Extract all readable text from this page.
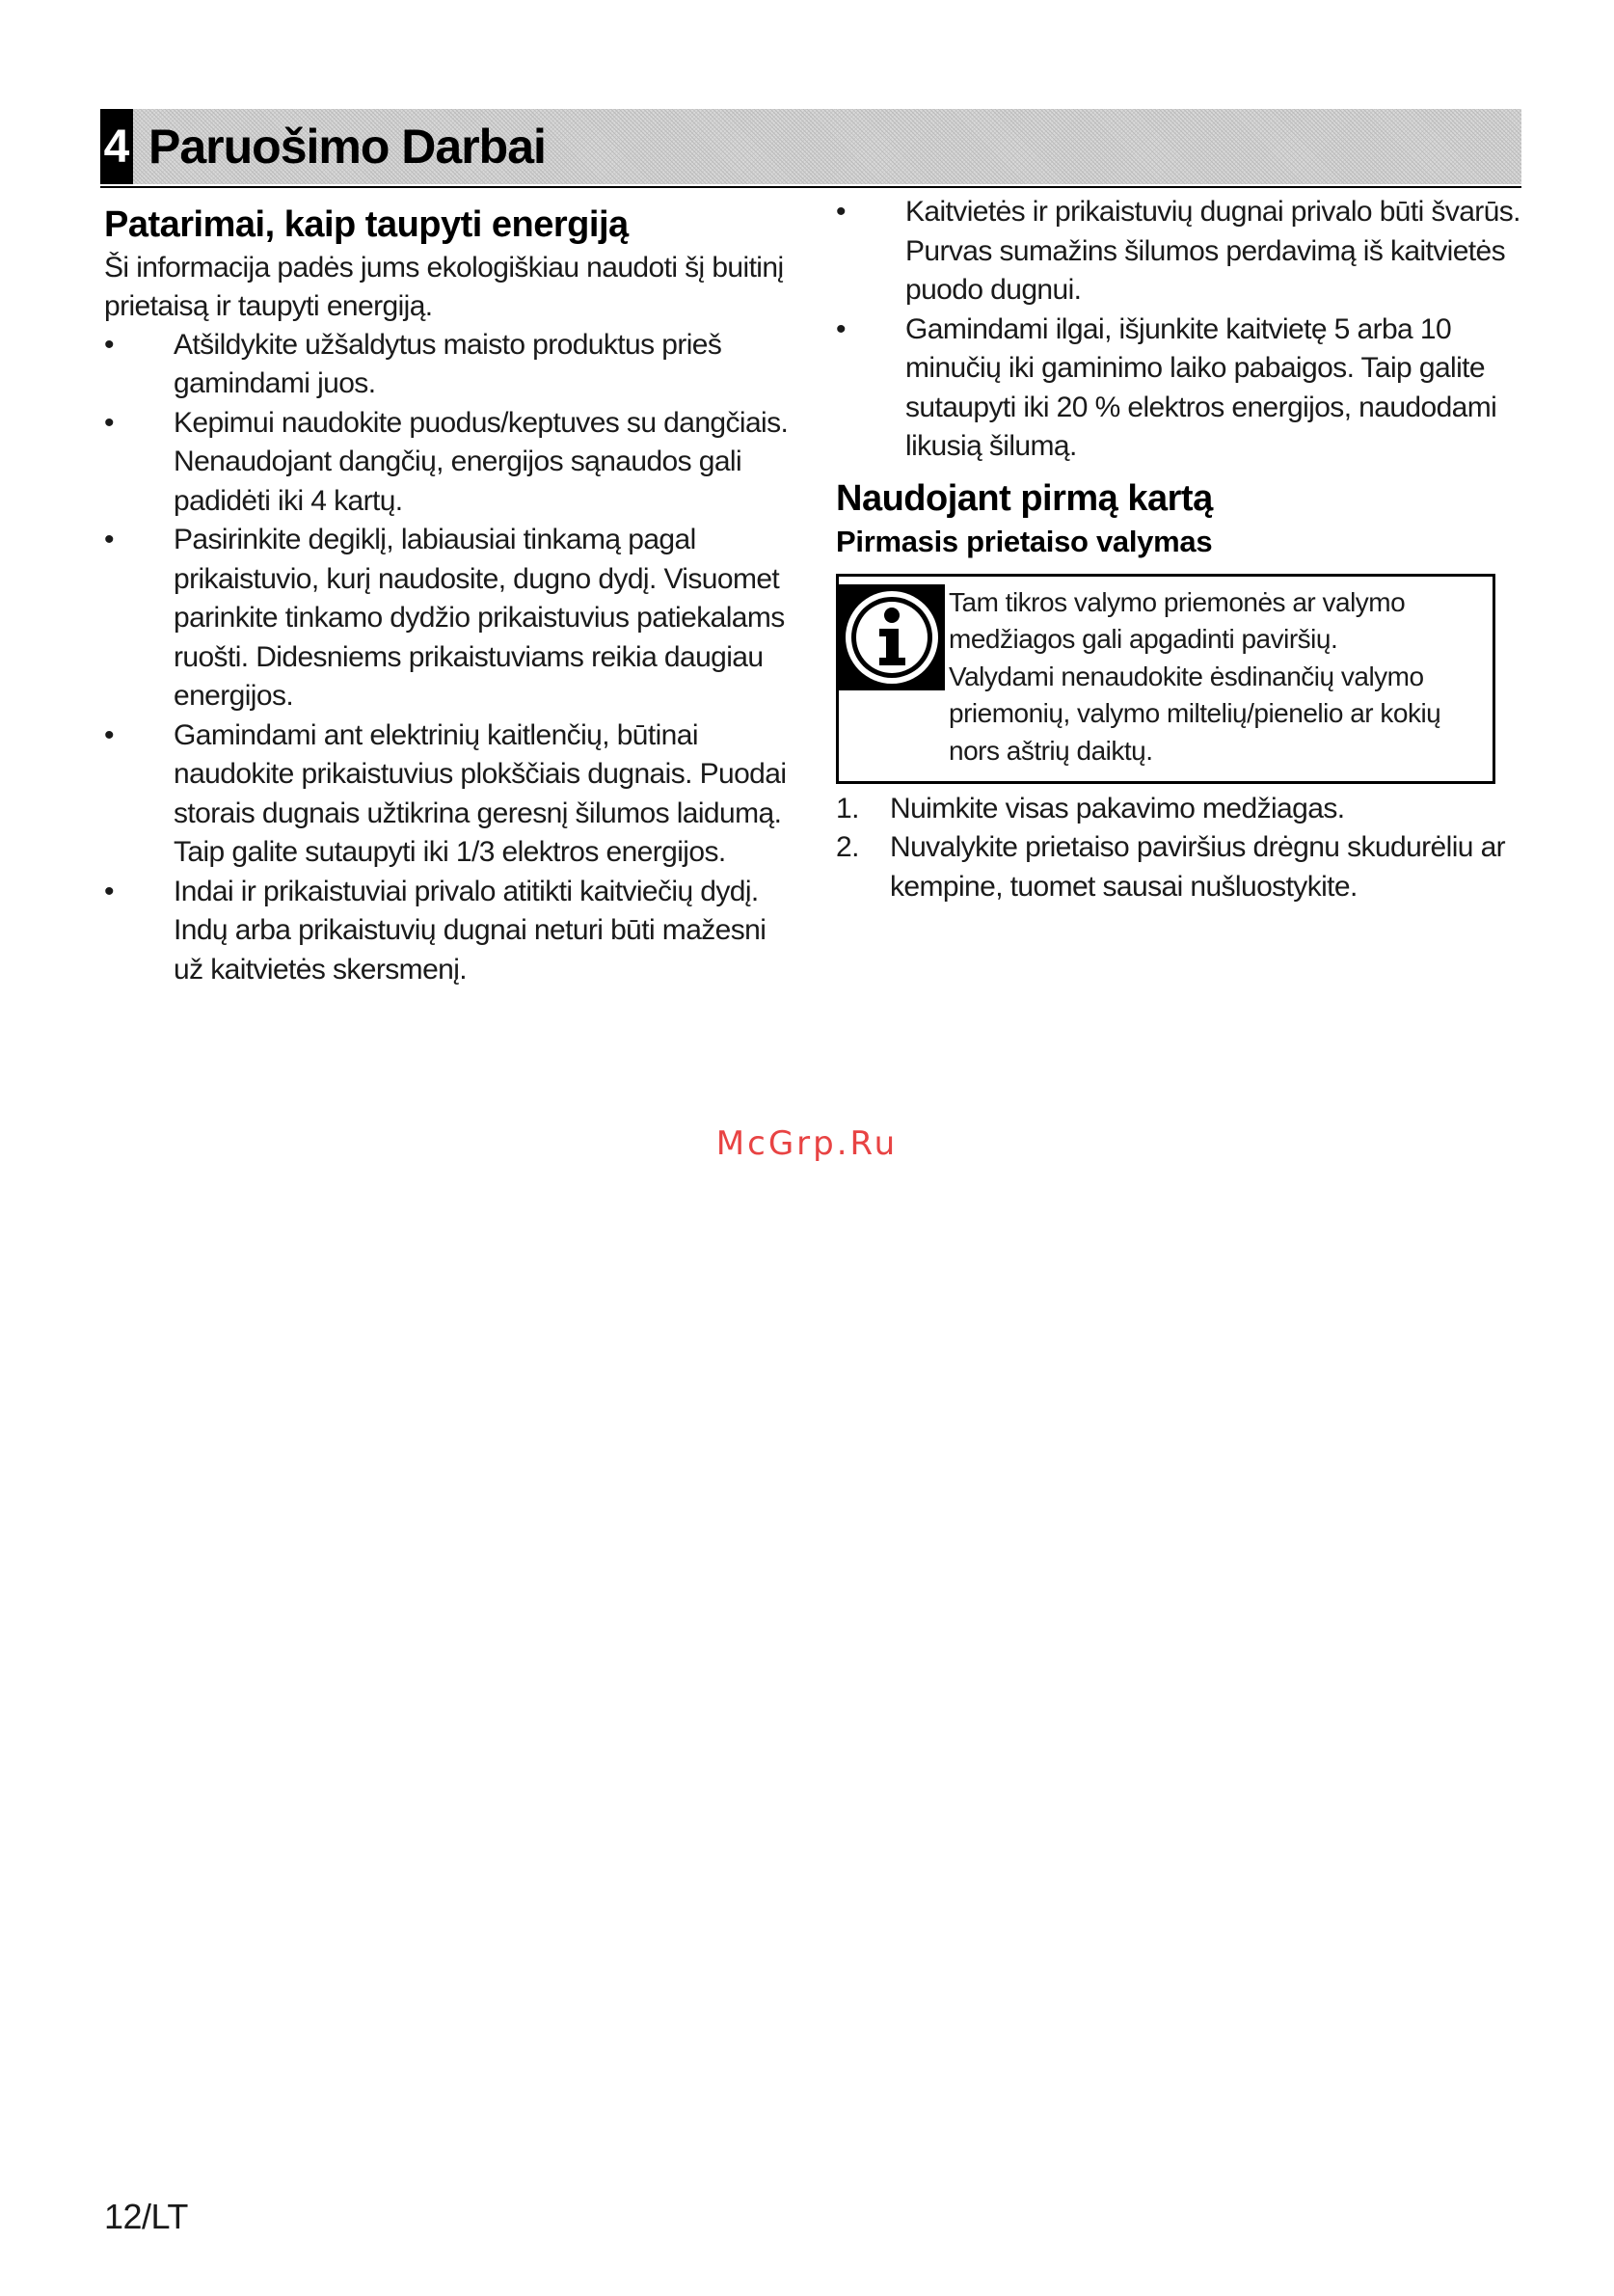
4 Paruošimo Darbai
Patarimai, kaip taupyti energiją

Ši informacija padės jums ekologiškiau naudoti šį buitinį prietaisą ir taupyti energiją.

•	Atšildykite užšaldytus maisto produktus prieš gamindami juos.
•	Kepimui naudokite puodus/keptuves su dangčiais. Nenaudojant dangčių, energijos sąnaudos gali padidėti iki 4 kartų.
•	Pasirinkite degiklį, labiausiai tinkamą pagal prikaistuvio, kurį naudosite, dugno dydį. Visuomet parinkite tinkamo dydžio prikaistuvius patiekalams ruošti. Didesniems prikaistuviams reikia daugiau energijos.
•	Gamindami ant elektrinių kaitlenčių, būtinai naudokite prikaistuvius plokščiais dugnais. Puodai storais dugnais užtikrina geresnį šilumos laidumą. Taip galite sutaupyti iki 1/3 elektros energijos.
•	Indai ir prikaistuviai privalo atitikti kaitviečių dydį. Indų arba prikaistuvių dugnai neturi būti mažesni už kaitvietės skersmenį.
•	Kaitvietės ir prikaistuvių dugnai privalo būti švarūs. Purvas sumažins šilumos perdavimą iš kaitvietės puodo dugnui.
•	Gamindami ilgai, išjunkite kaitvietę 5 arba 10 minučių iki gaminimo laiko pabaigos. Taip galite sutaupyti iki 20 % elektros energijos, naudodami likusią šilumą.
Naudojant pirmą kartą
Pirmasis prietaiso valymas

Tam tikros valymo priemonės ar valymo medžiagos gali apgadinti paviršių.

Valydami nenaudokite ėsdinančių valymo priemonių, valymo miltelių/pienelio ar kokių nors aštrių daiktų.

1. Nuimkite visas pakavimo medžiagas.
2. Nuvalykite prietaiso paviršius drėgnu skudurėliu ar kempine, tuomet sausai nušluostykite.
McGrp.Ru
12/LT
